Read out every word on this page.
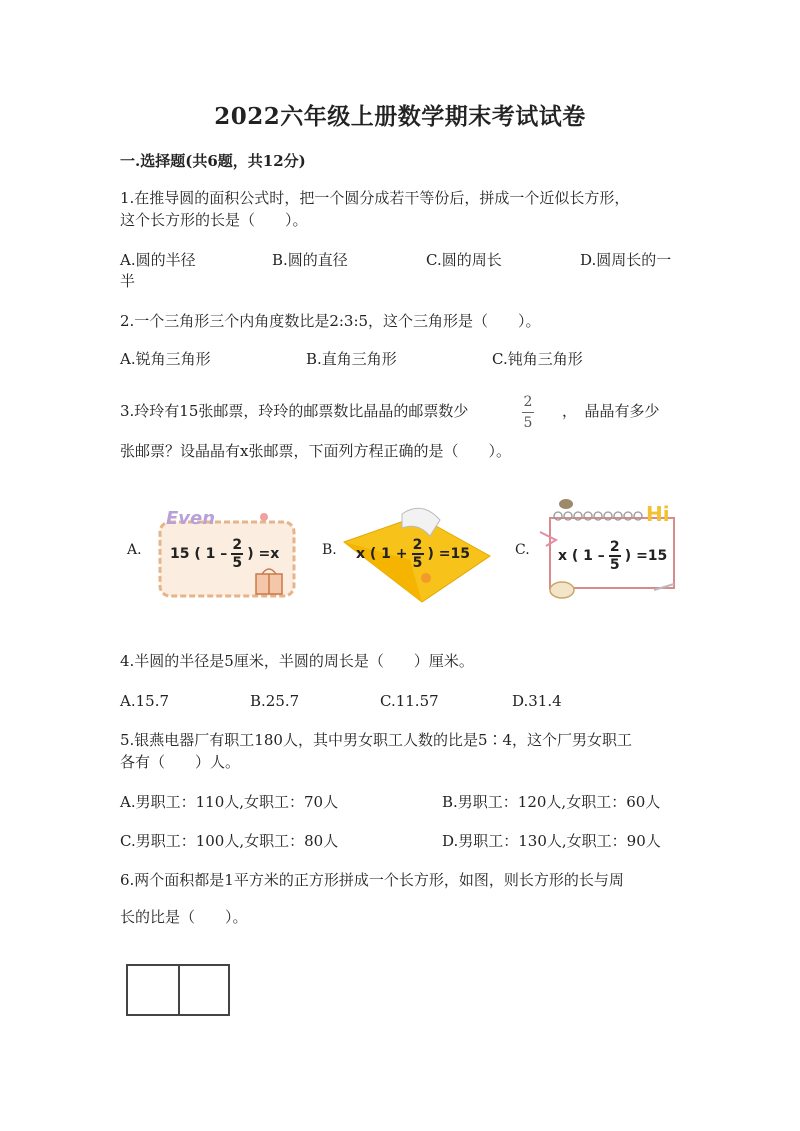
2022六年级上册数学期末考试试卷
一.选择题(共6题，共12分)
1.在推导圆的面积公式时，把一个圆分成若干等份后，拼成一个近似长方形，
这个长方形的长是（　　）。
A.圆的半径	B.圆的直径	C.圆的周长	D.圆周长的一
半
2.一个三角形三个内角度数比是2:3:5，这个三角形是（　　）。
A.锐角三角形	B.直角三角形	C.钝角三角形
3.玲玲有15张邮票，玲玲的邮票数比晶晶的邮票数少	2
5
，　晶晶有多少
张邮票？设晶晶有x张邮票，下面列方程正确的是（　　）。
A.	B.	C.
Even
15 ( 1 –
2
5
) =x	x ( 1 +
2
5
) =15
Hi
x ( 1 –
2
5
) =15
4.半圆的半径是5厘米，半圆的周长是（　　）厘米。
A.15.7	B.25.7	C.11.57	D.31.4
5.银燕电器厂有职工180人，其中男女职工人数的比是5∶4，这个厂男女职工
各有（　　）人。
A.男职工：110人,女职工：70人	B.男职工：120人,女职工：60人
C.男职工：100人,女职工：80人	D.男职工：130人,女职工：90人
6.两个面积都是1平方米的正方形拼成一个长方形，如图，则长方形的长与周
长的比是（　　）。
